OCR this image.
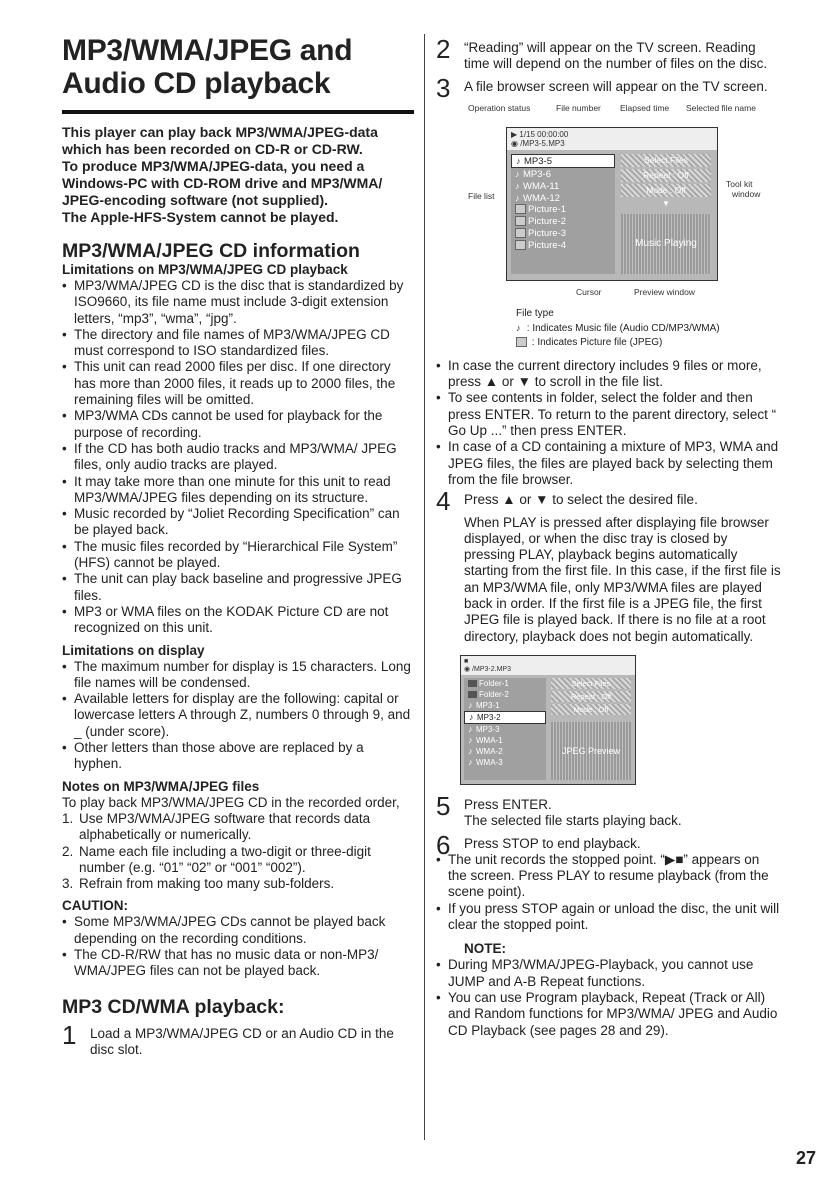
MP3/WMA/JPEG and Audio CD playback

This player can play back MP3/WMA/JPEG-data which has been recorded on CD-R or CD-RW.

To produce MP3/WMA/JPEG-data, you need a Windows-PC with CD-ROM drive and MP3/WMA/ JPEG-encoding software (not supplied).

The Apple-HFS-System cannot be played.

MP3/WMA/JPEG CD information
Limitations on MP3/WMA/JPEG CD playback
• MP3/WMA/JPEG CD is the disc that is standardized by ISO9660, its file name must include 3-digit extension letters, “mp3”, “wma”, “jpg”.
• The directory and file names of MP3/WMA/JPEG CD must correspond to ISO standardized files.
• This unit can read 2000 files per disc. If one directory has more than 2000 files, it reads up to 2000 files, the remaining files will be omitted.
• MP3/WMA CDs cannot be used for playback for the purpose of recording.
• If the CD has both audio tracks and MP3/WMA/ JPEG files, only audio tracks are played.
• It may take more than one minute for this unit to read MP3/WMA/JPEG files depending on its structure.
• Music recorded by “Joliet Recording Specification” can be played back.
• The music files recorded by “Hierarchical File System” (HFS) cannot be played.
• The unit can play back baseline and progressive JPEG files.
• MP3 or WMA files on the KODAK Picture CD are not recognized on this unit.
Limitations on display
• The maximum number for display is 15 characters. Long file names will be condensed.
• Available letters for display are the following: capital or lowercase letters A through Z, numbers 0 through 9, and _ (under score).
• Other letters than those above are replaced by a hyphen.
Notes on MP3/WMA/JPEG files

To play back MP3/WMA/JPEG CD in the recorded order,

1. Use MP3/WMA/JPEG software that records data alphabetically or numerically.
2. Name each file including a two-digit or three-digit number (e.g. “01” “02” or “001” “002”).
3. Refrain from making too many sub-folders.
CAUTION:
• Some MP3/WMA/JPEG CDs cannot be played back depending on the recording conditions.
• The CD-R/RW that has no music data or non-MP3/ WMA/JPEG files can not be played back.
MP3 CD/WMA playback:
1 Load a MP3/WMA/JPEG CD or an Audio CD in the disc slot.

2 “Reading” will appear on the TV screen. Reading time will depend on the number of files on the disc.

3 A file browser screen will appear on the TV screen.

Operation status	File number Elapsed time Selected file name
File list
Tool kit
window
Cursor	Preview window
▶ 1/15 00:00:00
◉ /MP3-5.MP3
♪ MP3-5
♪ MP3-6
♪ WMA-11
♪ WMA-12
Picture-1
Picture-2
Picture-3
Picture-4
Select Files
Repeat : Off
Mode : Off
▼
Music Playing
File type
♪ : Indicates Music file (Audio CD/MP3/WMA)
: Indicates Picture file (JPEG)
• In case the current directory includes 9 files or more, press ▲ or ▼ to scroll in the file list.
• To see contents in folder, select the folder and then press ENTER. To return to the parent directory, select “ Go Up ...” then press ENTER.
• In case of a CD containing a mixture of MP3, WMA and JPEG files, the files are played back by selecting them from the file browser.
4 Press ▲ or ▼ to select the desired file.

When PLAY is pressed after displaying file browser displayed, or when the disc tray is closed by pressing PLAY, playback begins automatically starting from the first file. In this case, if the first file is an MP3/WMA file, only MP3/WMA files are played back in order. If the first file is a JPEG file, the first JPEG file is played back. If there is no file at a root directory, playback does not begin automatically.

■
◉ /MP3-2.MP3
Folder-1
Folder-2
♪ MP3-1
♪ MP3-2
♪ MP3-3
♪ WMA-1
♪ WMA-2
♪ WMA-3
Select Files
Repeat : Off
Mode : Off
JPEG Preview
5 Press ENTER.

The selected file starts playing back.

6 Press STOP to end playback.

• The unit records the stopped point. “▶■” appears on the screen. Press PLAY to resume playback (from the scene point).
• If you press STOP again or unload the disc, the unit will clear the stopped point.
NOTE:
• During MP3/WMA/JPEG-Playback, you cannot use JUMP and A-B Repeat functions.
• You can use Program playback, Repeat (Track or All) and Random functions for MP3/WMA/ JPEG and Audio CD Playback (see pages 28 and 29).
27
